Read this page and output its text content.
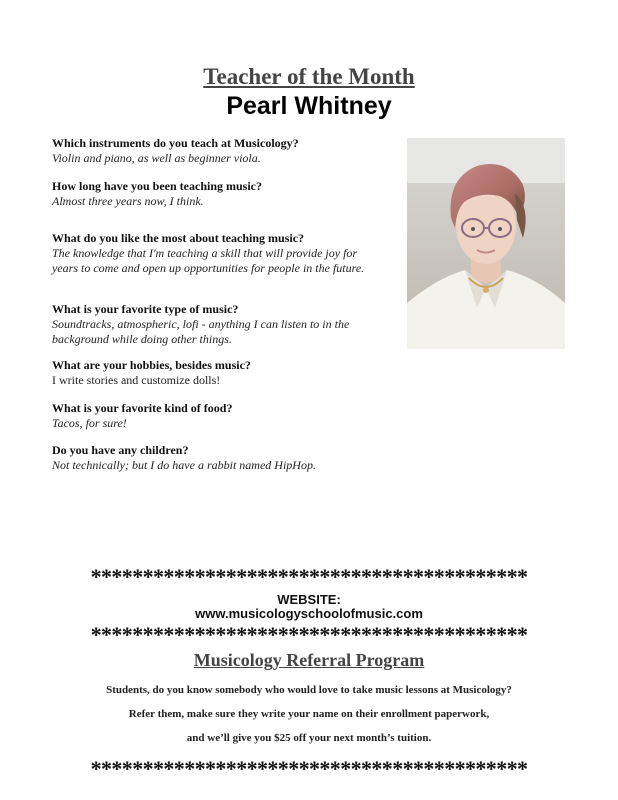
Teacher of the Month
Pearl Whitney
Which instruments do you teach at Musicology?
Violin and piano, as well as beginner viola.
How long have you been teaching music?
Almost three years now, I think.
What do you like the most about teaching music?
The knowledge that I'm teaching a skill that will provide joy for
years to come and open up opportunities for people in the future.
What is your favorite type of music?
Soundtracks, atmospheric, lofi - anything I can listen to in the
background while doing other things.
What are your hobbies, besides music?
I write stories and customize dolls!
What is your favorite kind of food?
Tacos, for sure!
Do you have any children?
Not technically; but I do have a rabbit named HipHop.
******************************************
WEBSITE:
www.musicologyschoolofmusic.com
******************************************
Musicology Referral Program
Students, do you know somebody who would love to take music lessons at Musicology?
Refer them, make sure they write your name on their enrollment paperwork,
and we’ll give you $25 off your next month’s tuition.
******************************************
